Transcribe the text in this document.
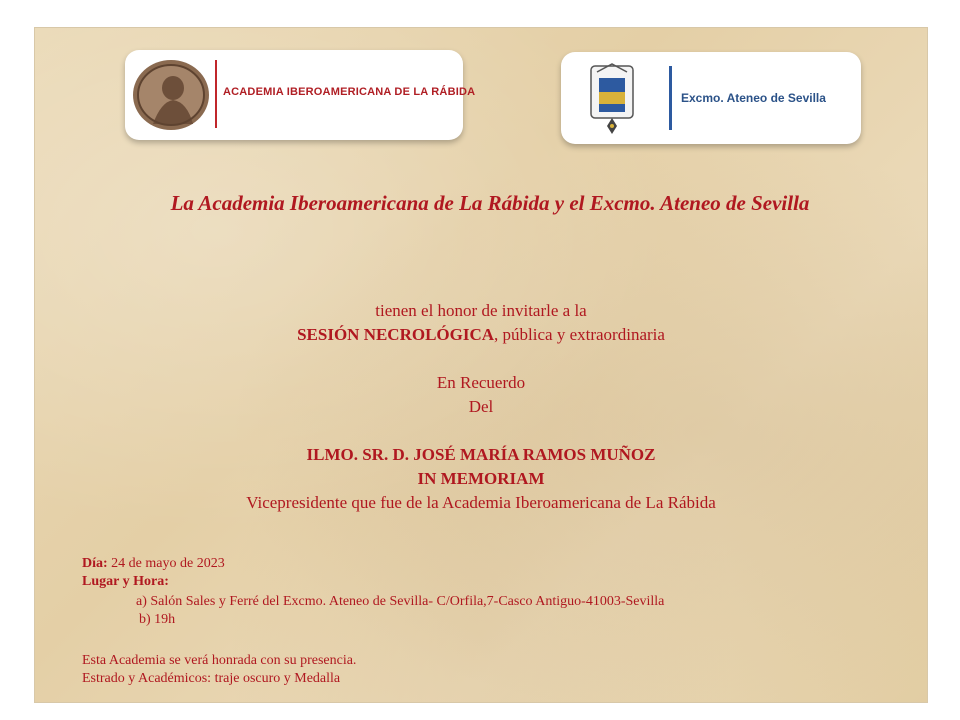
ACADEMIA IBEROAMERICANA DE LA RÁBIDA	Excmo. Ateneo de Sevilla
La Academia Iberoamericana de La Rábida y el Excmo. Ateneo de Sevilla
tienen el honor de invitarle a la
SESIÓN NECROLÓGICA, pública y extraordinaria
En Recuerdo
Del
ILMO. SR. D. JOSÉ MARÍA RAMOS MUÑOZ
IN MEMORIAM
Vicepresidente que fue de la Academia Iberoamericana de La Rábida
Día: 24 de mayo de 2023
Lugar y Hora:
a) Salón Sales y Ferré del Excmo. Ateneo de Sevilla- C/Orfila,7-Casco Antiguo-41003-Sevilla
b) 19h
Esta Academia se verá honrada con su presencia.
Estrado y Académicos: traje oscuro y Medalla
